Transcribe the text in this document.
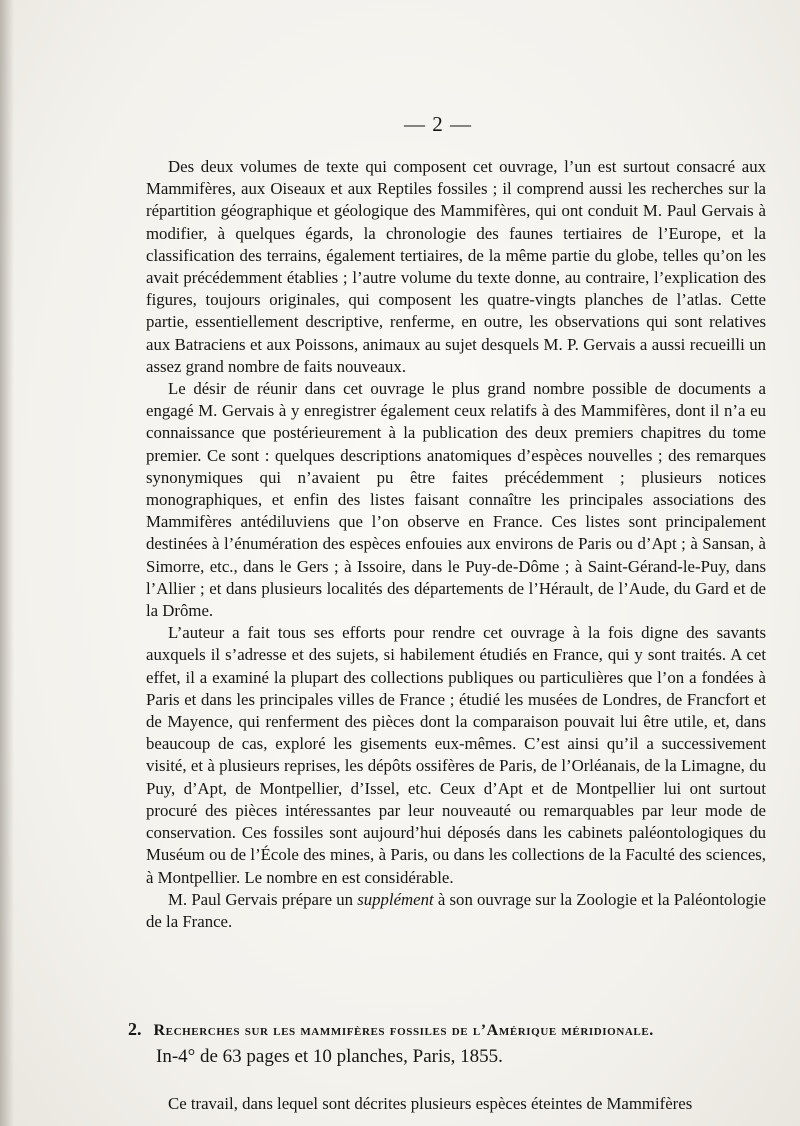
— 2 —

Des deux volumes de texte qui composent cet ouvrage, l’un est surtout consacré aux Mammifères, aux Oiseaux et aux Reptiles fossiles ; il comprend aussi les recherches sur la répartition géographique et géologique des Mammifères, qui ont conduit M. Paul Gervais à modifier, à quelques égards, la chronologie des faunes tertiaires de l’Europe, et la classification des terrains, également tertiaires, de la même partie du globe, telles qu’on les avait précédemment établies ; l’autre volume du texte donne, au contraire, l’explication des figures, toujours originales, qui composent les quatre-vingts planches de l’atlas. Cette partie, essentiellement descriptive, renferme, en outre, les observations qui sont relatives aux Batraciens et aux Poissons, animaux au sujet desquels M. P. Gervais a aussi recueilli un assez grand nombre de faits nouveaux.

Le désir de réunir dans cet ouvrage le plus grand nombre possible de documents a engagé M. Gervais à y enregistrer également ceux relatifs à des Mammifères, dont il n’a eu connaissance que postérieurement à la publication des deux premiers chapitres du tome premier. Ce sont : quelques descriptions anatomiques d’espèces nouvelles ; des remarques synonymiques qui n’avaient pu être faites précédemment ; plusieurs notices monographiques, et enfin des listes faisant connaître les principales associations des Mammifères antédiluviens que l’on observe en France. Ces listes sont principalement destinées à l’énumération des espèces enfouies aux environs de Paris ou d’Apt ; à Sansan, à Simorre, etc., dans le Gers ; à Issoire, dans le Puy-de-Dôme ; à Saint-Gérand-le-Puy, dans l’Allier ; et dans plusieurs localités des départements de l’Hérault, de l’Aude, du Gard et de la Drôme.

L’auteur a fait tous ses efforts pour rendre cet ouvrage à la fois digne des savants auxquels il s’adresse et des sujets, si habilement étudiés en France, qui y sont traités. A cet effet, il a examiné la plupart des collections publiques ou particulières que l’on a fondées à Paris et dans les principales villes de France ; étudié les musées de Londres, de Francfort et de Mayence, qui renferment des pièces dont la comparaison pouvait lui être utile, et, dans beaucoup de cas, exploré les gisements eux-mêmes. C’est ainsi qu’il a successivement visité, et à plusieurs reprises, les dépôts ossifères de Paris, de l’Orléanais, de la Limagne, du Puy, d’Apt, de Montpellier, d’Issel, etc. Ceux d’Apt et de Montpellier lui ont surtout procuré des pièces intéressantes par leur nouveauté ou remarquables par leur mode de conservation. Ces fossiles sont aujourd’hui déposés dans les cabinets paléontologiques du Muséum ou de l’École des mines, à Paris, ou dans les collections de la Faculté des sciences, à Montpellier. Le nombre en est considérable.

M. Paul Gervais prépare un supplément à son ouvrage sur la Zoologie et la Paléontologie de la France.

2. Recherches sur les mammifères fossiles de l’Amérique méridionale.
In-4° de 63 pages et 10 planches, Paris, 1855.

Ce travail, dans lequel sont décrites plusieurs espèces éteintes de Mammifères
